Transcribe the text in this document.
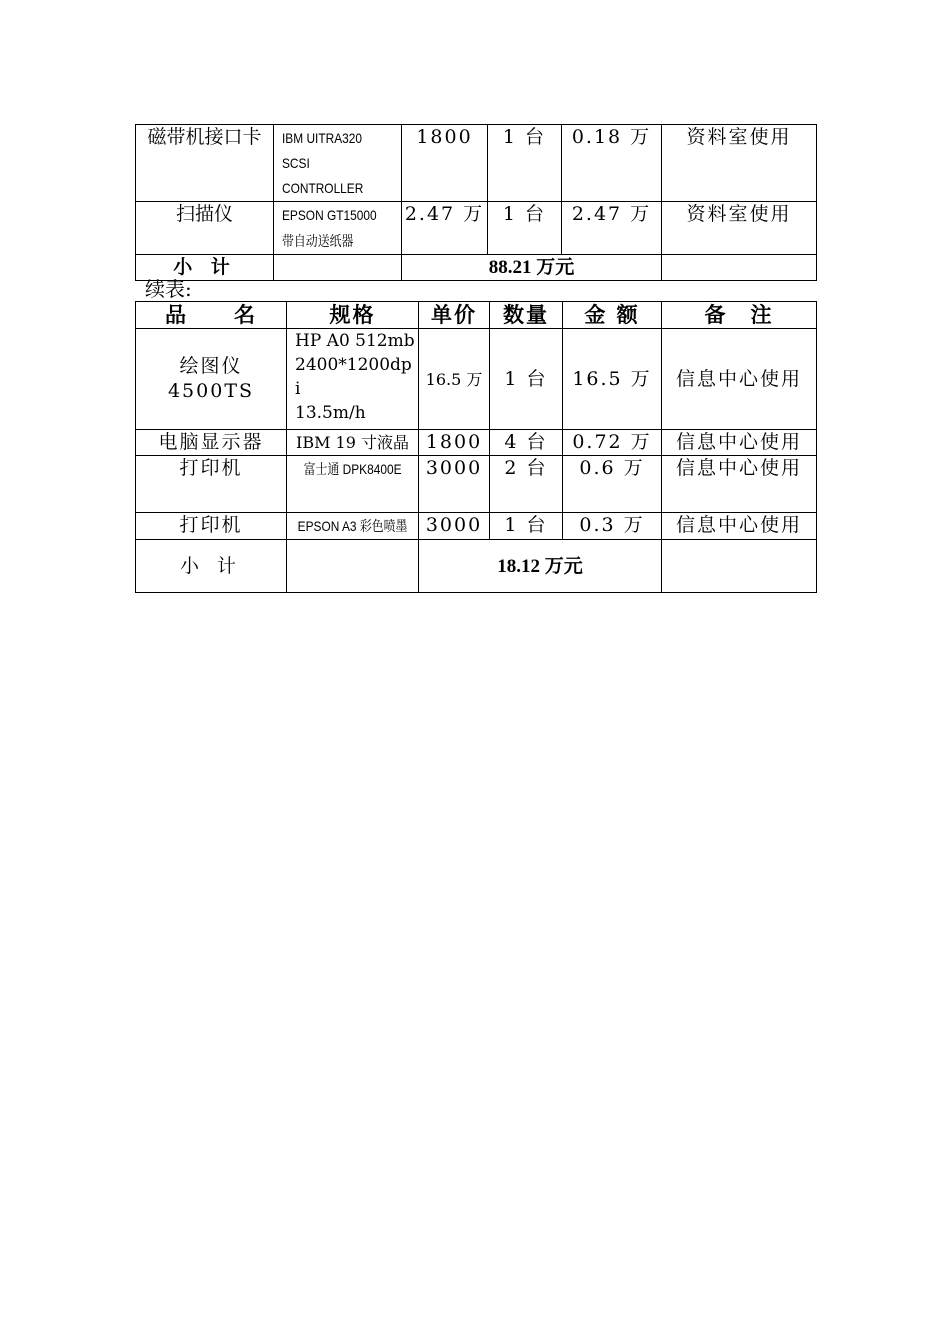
磁带机接口卡	IBM UITRA320
SCSI CONTROLLER	1800	1 台	0.18 万	资料室使用
扫描仪	EPSON GT15000
带自动送纸器	2.47 万	1 台	2.47 万	资料室使用
小 计		88.21 万元			
续表:
品　　名	规格	单价	数量	金 额	备　注
绘图仪 4500TS	HP A0 512mb
2400*1200dp
i
13.5m/h	16.5 万	1 台	16.5 万	信息中心使用
电脑显示器	IBM 19 寸液晶	1800	4 台	0.72 万	信息中心使用
打印机	富士通 DPK8400E	3000	2 台	0.6 万	信息中心使用
打印机	EPSON A3 彩色喷墨	3000	1 台	0.3 万	信息中心使用
小 计		18.12 万元			
